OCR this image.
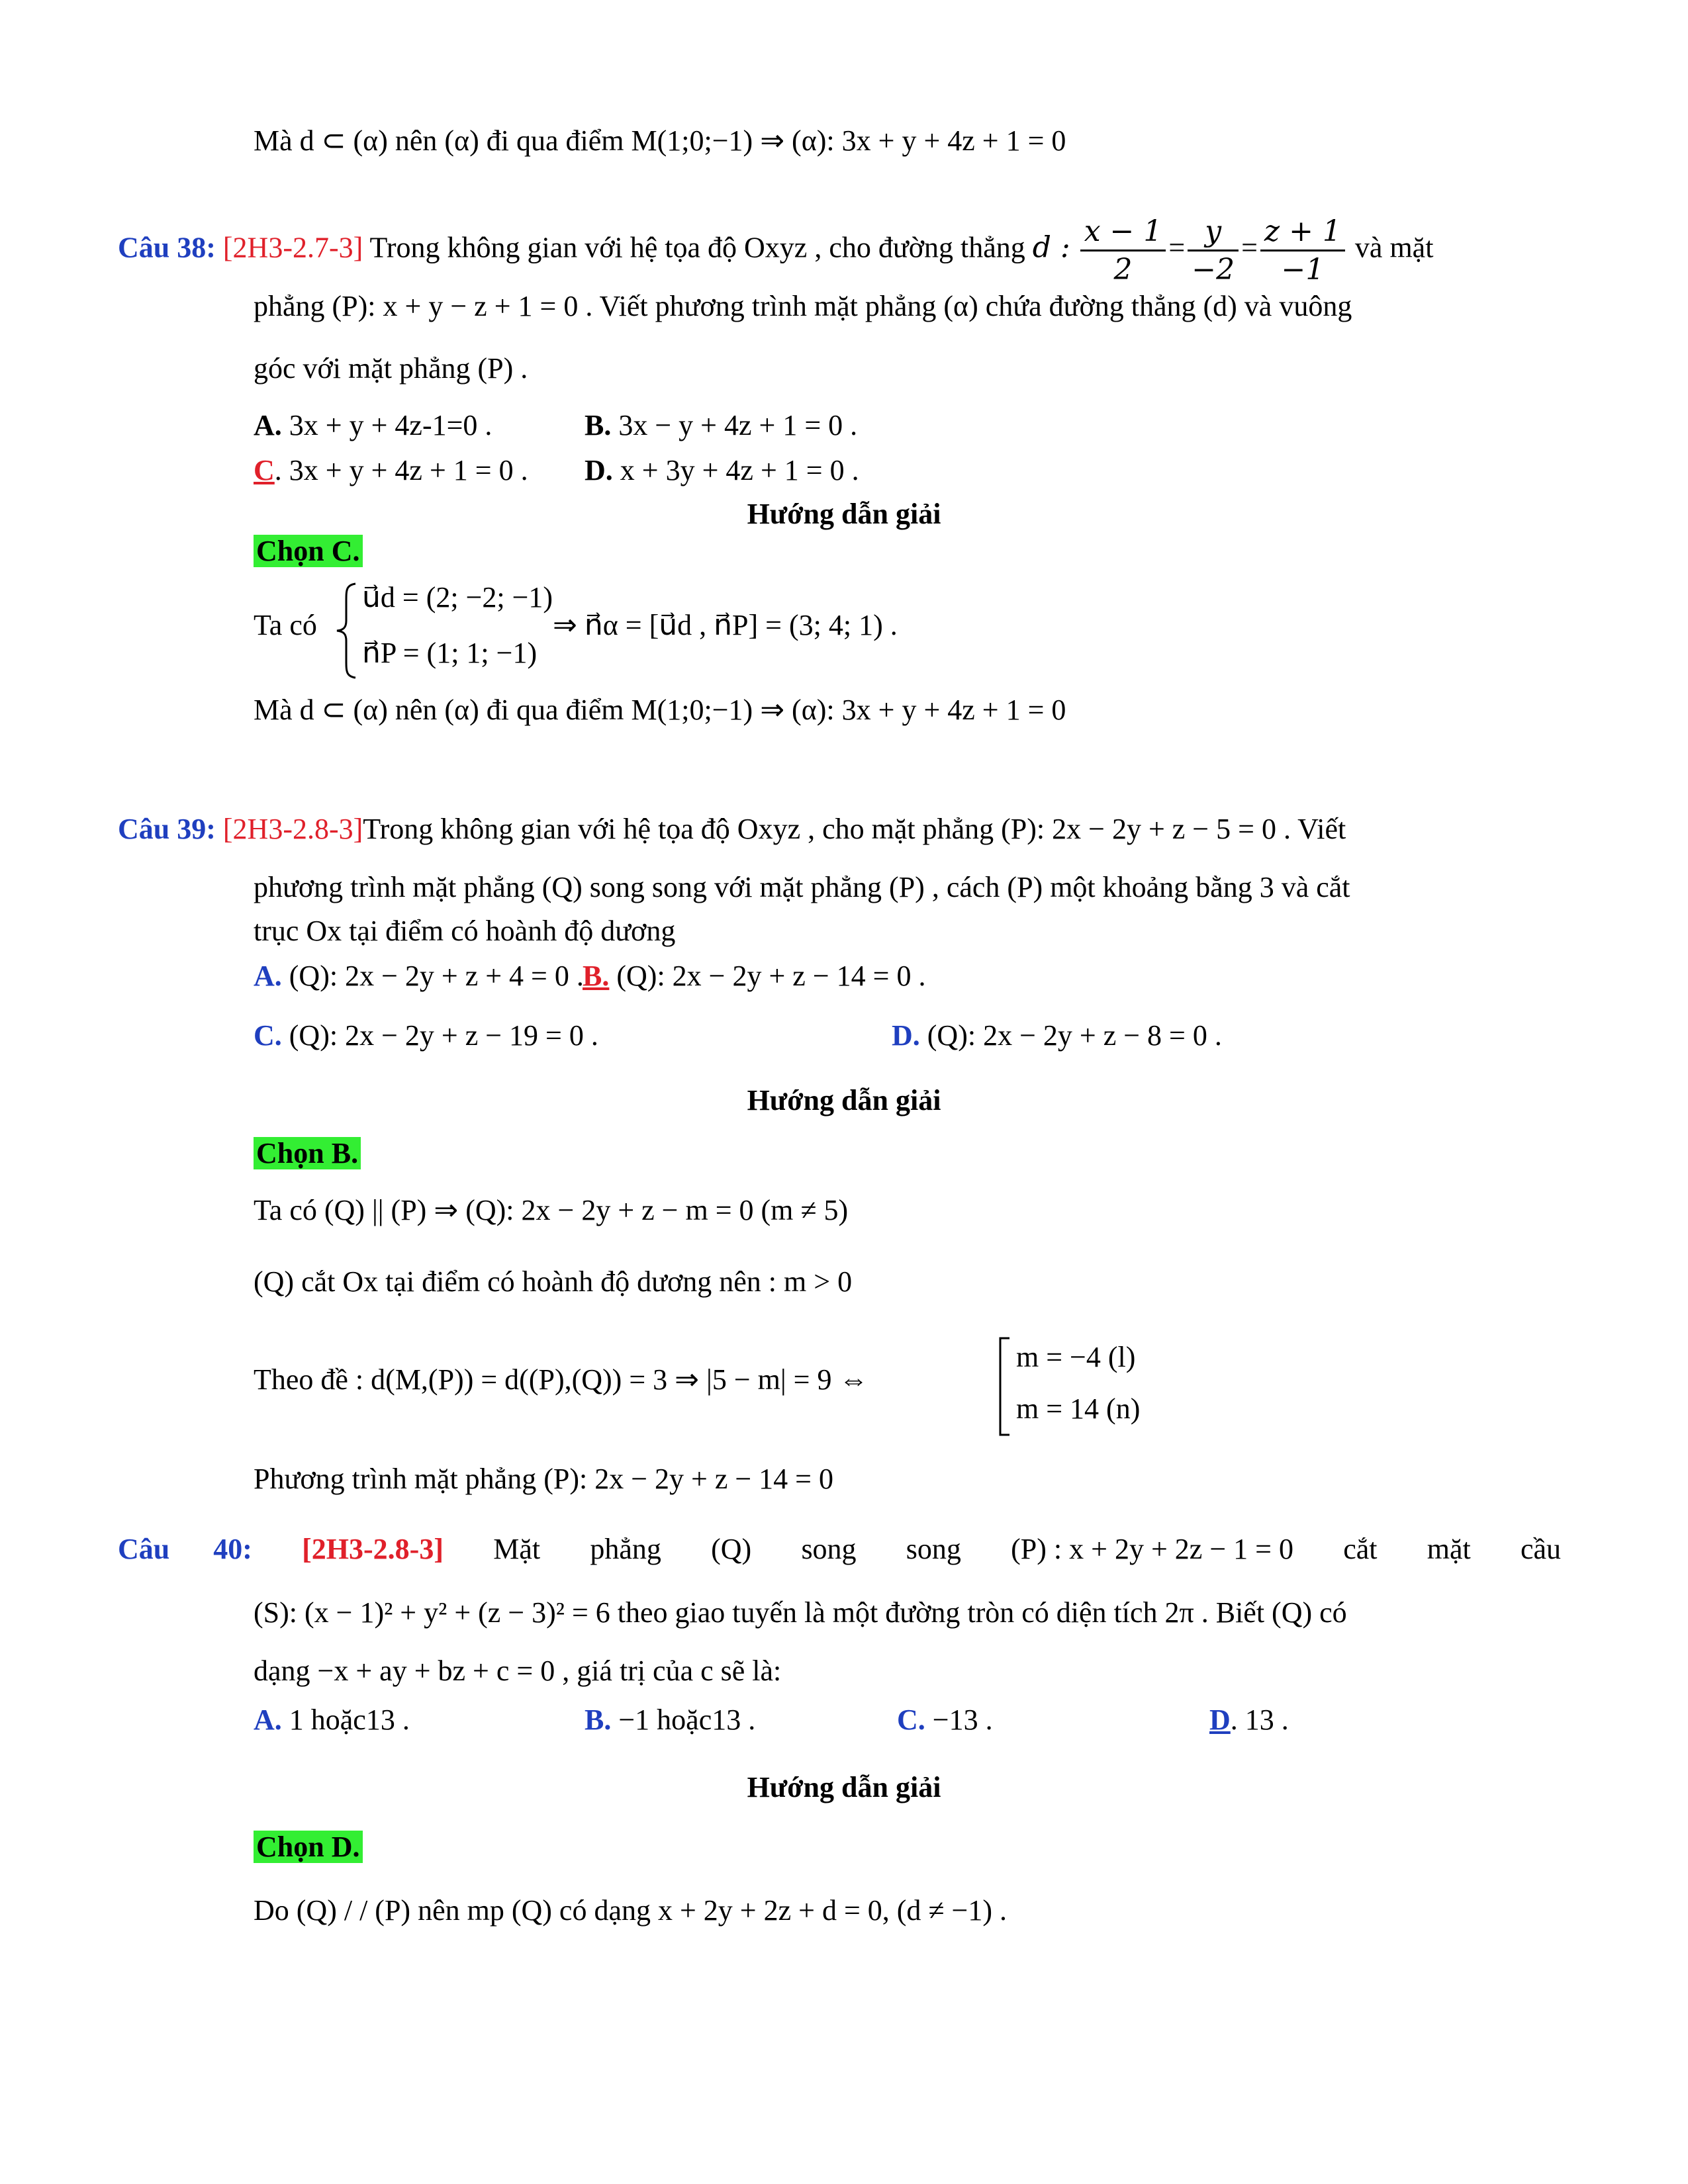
Mà d ⊂ (α) nên (α) đi qua điểm M(1;0;−1) ⇒ (α): 3x + y + 4z + 1 = 0
Câu 38: [2H3-2.7-3] Trong không gian với hệ tọa độ Oxyz , cho đường thẳng d : $\frac{x - 1}{2} = \frac{y}{-2} = \frac{z + 1}{-1}$ và mặt
phẳng (P): x + y − z + 1 = 0 . Viết phương trình mặt phẳng (α) chứa đường thẳng (d) và vuông
góc với mặt phẳng (P) .
A. 3x + y + 4z-1=0 .	B. 3x − y + 4z + 1 = 0 .
C. 3x + y + 4z + 1 = 0 . D. x + 3y + 4z + 1 = 0 .
Hướng dẫn giải
Chọn C.
Ta có
u⃗d = (2; −2; −1)
n⃗P = (1; 1; −1)
⇒ n⃗α = [u⃗d , n⃗P] = (3; 4; 1) .
Mà d ⊂ (α) nên (α) đi qua điểm M(1;0;−1) ⇒ (α): 3x + y + 4z + 1 = 0
Câu 39: [2H3-2.8-3]Trong không gian với hệ tọa độ Oxyz , cho mặt phẳng (P): 2x − 2y + z − 5 = 0 . Viết
phương trình mặt phẳng (Q) song song với mặt phẳng (P) , cách (P) một khoảng bằng 3 và cắt
trục Ox tại điểm có hoành độ dương
A. (Q): 2x − 2y + z + 4 = 0 .
B. (Q): 2x − 2y + z − 14 = 0 .
C. (Q): 2x − 2y + z − 19 = 0 .	D. (Q): 2x − 2y + z − 8 = 0 .
Hướng dẫn giải
Chọn B.
Ta có (Q) || (P) ⇒ (Q): 2x − 2y + z − m = 0 (m ≠ 5)
(Q) cắt Ox tại điểm có hoành độ dương nên : m > 0
Theo đề : d(M,(P)) = d((P),(Q)) = 3 ⇒ |5 − m| = 9 ⇔
m = −4 (l)
m = 14 (n)
Phương trình mặt phẳng (P): 2x − 2y + z − 14 = 0
Câu 40: [2H3-2.8-3] Mặt phẳng (Q) song song (P) : x + 2y + 2z − 1 = 0 cắt mặt cầu
(S): (x − 1)² + y² + (z − 3)² = 6 theo giao tuyến là một đường tròn có diện tích 2π . Biết (Q) có
dạng −x + ay + bz + c = 0 , giá trị của c sẽ là:
A. 1 hoặc13 .	B. −1 hoặc13 .	C. −13 .	D. 13 .
Hướng dẫn giải
Chọn D.
Do (Q) / / (P) nên mp (Q) có dạng x + 2y + 2z + d = 0, (d ≠ −1) .
